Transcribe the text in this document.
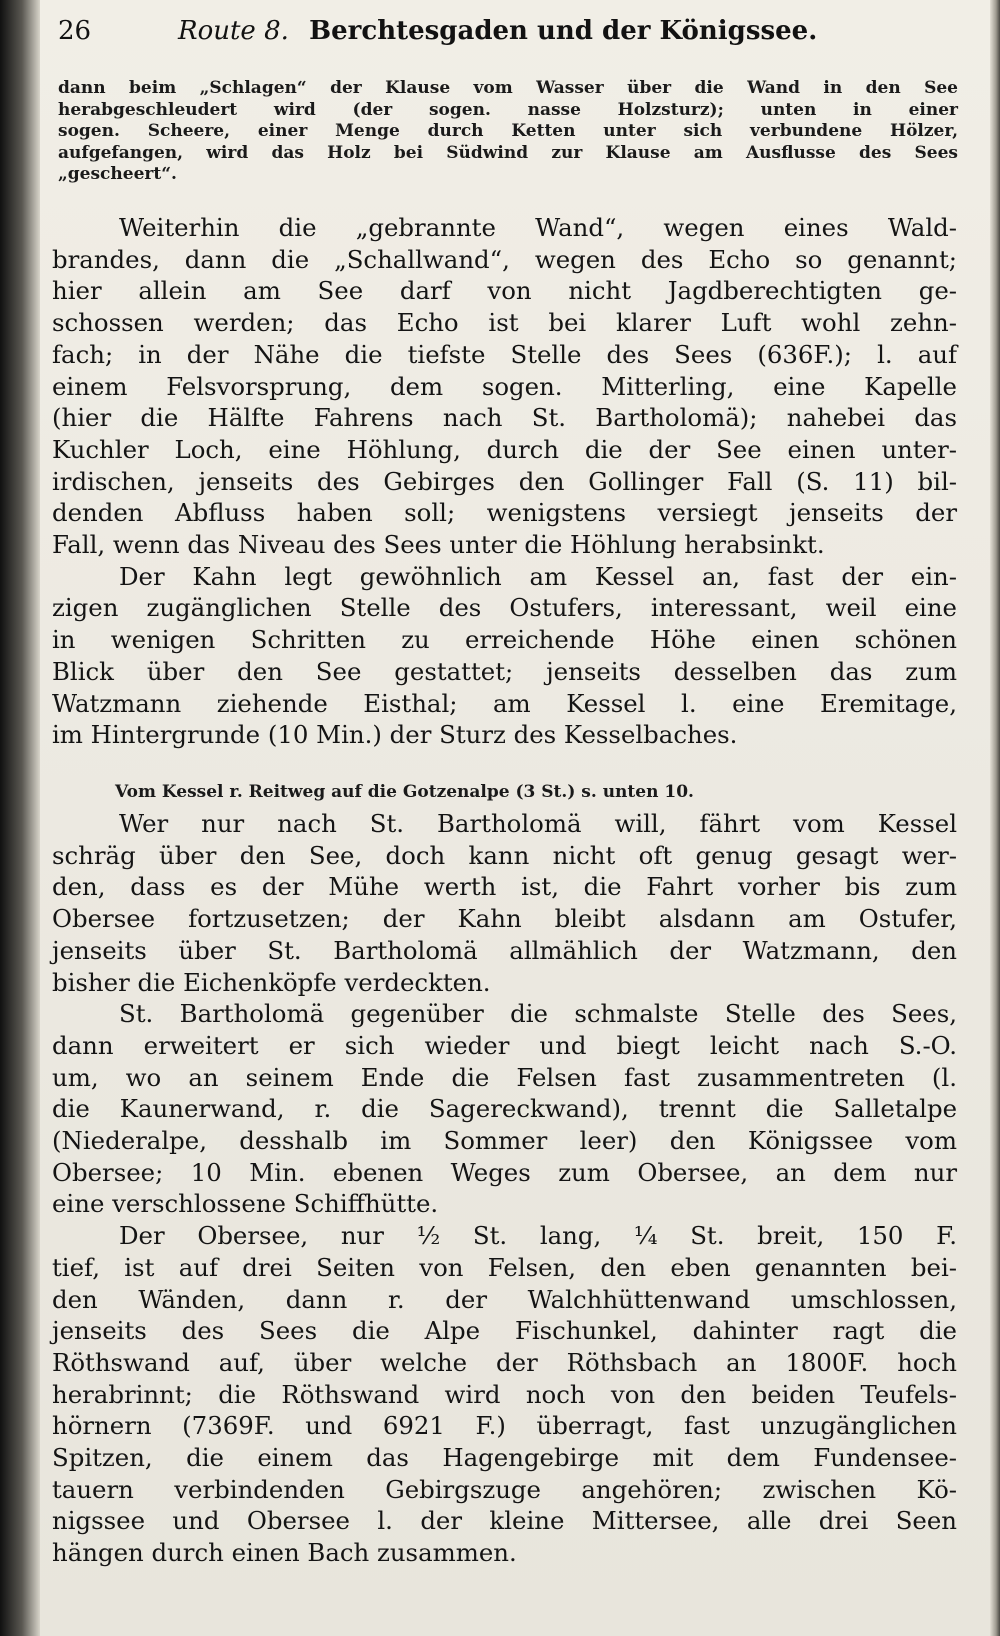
26	Route 8. Berchtesgaden und der Königssee.
dann beim „Schlagen“ der Klause vom Wasser über die Wand in den See
herabgeschleudert wird (der sogen. nasse Holzsturz); unten in einer
sogen. Scheere, einer Menge durch Ketten unter sich verbundene Hölzer,
aufgefangen, wird das Holz bei Südwind zur Klause am Ausflusse des Sees
„gescheert“.
Weiterhin die „gebrannte Wand“, wegen eines Wald-
brandes, dann die „Schallwand“, wegen des Echo so genannt;
hier allein am See darf von nicht Jagdberechtigten ge-
schossen werden; das Echo ist bei klarer Luft wohl zehn-
fach; in der Nähe die tiefste Stelle des Sees (636F.); l. auf
einem Felsvorsprung, dem sogen. Mitterling, eine Kapelle
(hier die Hälfte Fahrens nach St. Bartholomä); nahebei das
Kuchler Loch, eine Höhlung, durch die der See einen unter-
irdischen, jenseits des Gebirges den Gollinger Fall (S. 11) bil-
denden Abfluss haben soll; wenigstens versiegt jenseits der
Fall, wenn das Niveau des Sees unter die Höhlung herabsinkt.
Der Kahn legt gewöhnlich am Kessel an, fast der ein-
zigen zugänglichen Stelle des Ostufers, interessant, weil eine
in wenigen Schritten zu erreichende Höhe einen schönen
Blick über den See gestattet; jenseits desselben das zum
Watzmann ziehende Eisthal; am Kessel l. eine Eremitage,
im Hintergrunde (10 Min.) der Sturz des Kesselbaches.
Vom Kessel r. Reitweg auf die Gotzenalpe (3 St.) s. unten 10.
Wer nur nach St. Bartholomä will, fährt vom Kessel
schräg über den See, doch kann nicht oft genug gesagt wer-
den, dass es der Mühe werth ist, die Fahrt vorher bis zum
Obersee fortzusetzen; der Kahn bleibt alsdann am Ostufer,
jenseits über St. Bartholomä allmählich der Watzmann, den
bisher die Eichenköpfe verdeckten.
St. Bartholomä gegenüber die schmalste Stelle des Sees,
dann erweitert er sich wieder und biegt leicht nach S.-O.
um, wo an seinem Ende die Felsen fast zusammentreten (l.
die Kaunerwand, r. die Sagereckwand), trennt die Salletalpe
(Niederalpe, desshalb im Sommer leer) den Königssee vom
Obersee; 10 Min. ebenen Weges zum Obersee, an dem nur
eine verschlossene Schiffhütte.
Der Obersee, nur ½ St. lang, ¼ St. breit, 150 F.
tief, ist auf drei Seiten von Felsen, den eben genannten bei-
den Wänden, dann r. der Walchhüttenwand umschlossen,
jenseits des Sees die Alpe Fischunkel, dahinter ragt die
Röthswand auf, über welche der Röthsbach an 1800F. hoch
herabrinnt; die Röthswand wird noch von den beiden Teufels-
hörnern (7369F. und 6921 F.) überragt, fast unzugänglichen
Spitzen, die einem das Hagengebirge mit dem Fundensee-
tauern verbindenden Gebirgszuge angehören; zwischen Kö-
nigssee und Obersee l. der kleine Mittersee, alle drei Seen
hängen durch einen Bach zusammen.
